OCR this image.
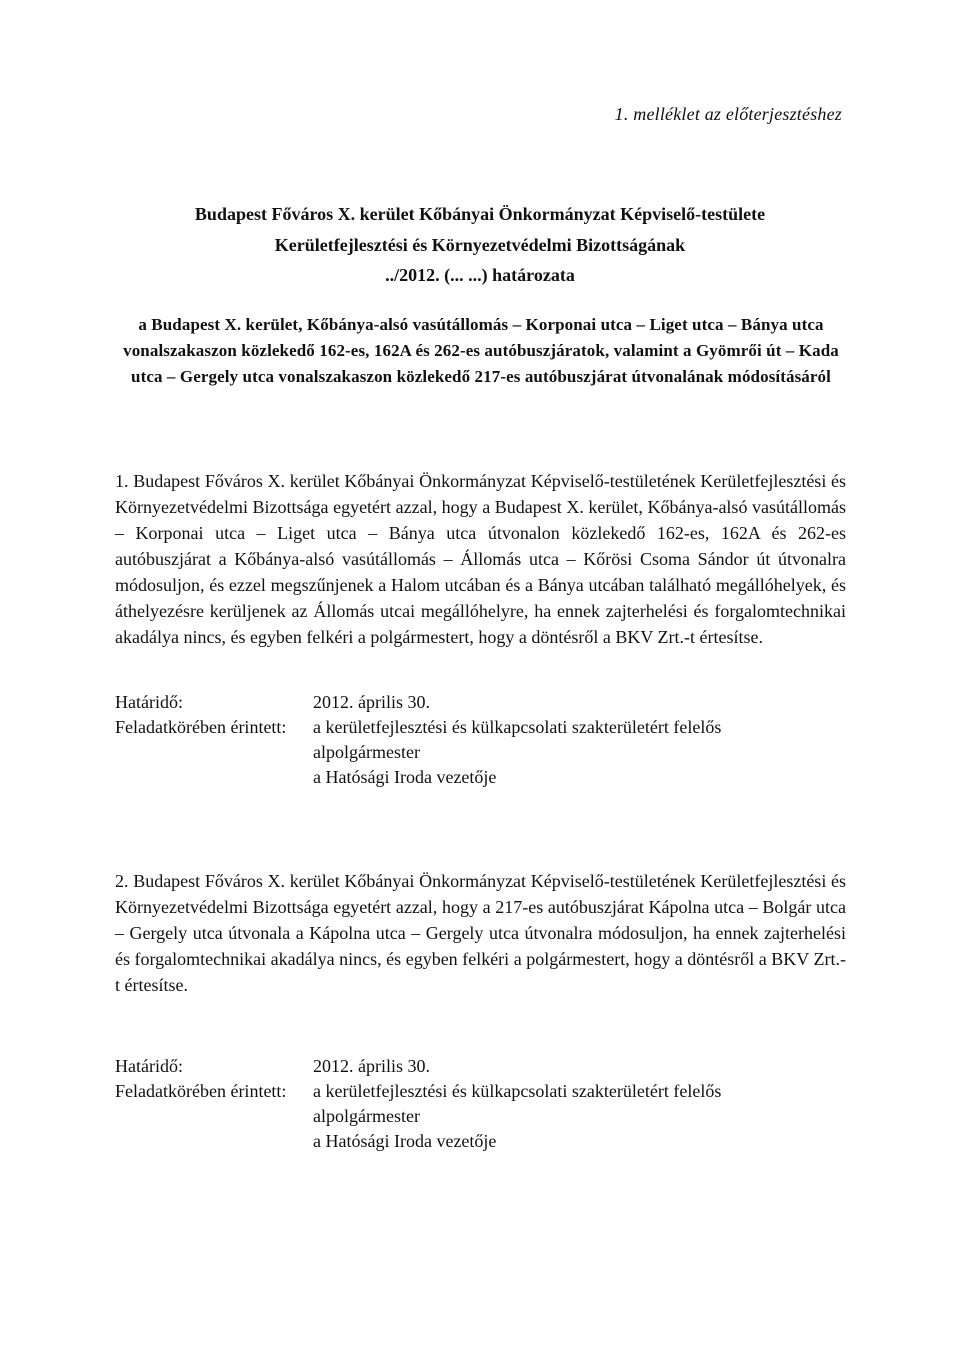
1. melléklet az előterjesztéshez
Budapest Főváros X. kerület Kőbányai Önkormányzat Képviselő-testülete
Kerületfejlesztési és Környezetvédelmi Bizottságának
../2012. (... ...) határozata
a Budapest X. kerület, Kőbánya-alsó vasútállomás – Korponai utca – Liget utca – Bánya utca vonalszakaszon közlekedő 162-es, 162A és 262-es autóbuszjáratok, valamint a Gyömrői út – Kada utca – Gergely utca vonalszakaszon közlekedő 217-es autóbuszjárat útvonalának módosításáról
1. Budapest Főváros X. kerület Kőbányai Önkormányzat Képviselő-testületének Kerületfejlesztési és Környezetvédelmi Bizottsága egyetért azzal, hogy a Budapest X. kerület, Kőbánya-alsó vasútállomás – Korponai utca – Liget utca – Bánya utca útvonalon közlekedő 162-es, 162A és 262-es autóbuszjárat a Kőbánya-alsó vasútállomás – Állomás utca – Kőrösi Csoma Sándor út útvonalra módosuljon, és ezzel megszűnjenek a Halom utcában és a Bánya utcában található megállóhelyek, és áthelyezésre kerüljenek az Állomás utcai megállóhelyre, ha ennek zajterhelési és forgalomtechnikai akadálya nincs, és egyben felkéri a polgármestert, hogy a döntésről a BKV Zrt.-t értesítse.
Határidő:	2012. április 30.
Feladatkörében érintett:	a kerületfejlesztési és külkapcsolati szakterületért felelős
alpolgármester
a Hatósági Iroda vezetője
2. Budapest Főváros X. kerület Kőbányai Önkormányzat Képviselő-testületének Kerületfejlesztési és Környezetvédelmi Bizottsága egyetért azzal, hogy a 217-es autóbuszjárat Kápolna utca – Bolgár utca – Gergely utca útvonala a Kápolna utca – Gergely utca útvonalra módosuljon, ha ennek zajterhelési és forgalomtechnikai akadálya nincs, és egyben felkéri a polgármestert, hogy a döntésről a BKV Zrt.-t értesítse.
Határidő:	2012. április 30.
Feladatkörében érintett:	a kerületfejlesztési és külkapcsolati szakterületért felelős
alpolgármester
a Hatósági Iroda vezetője
